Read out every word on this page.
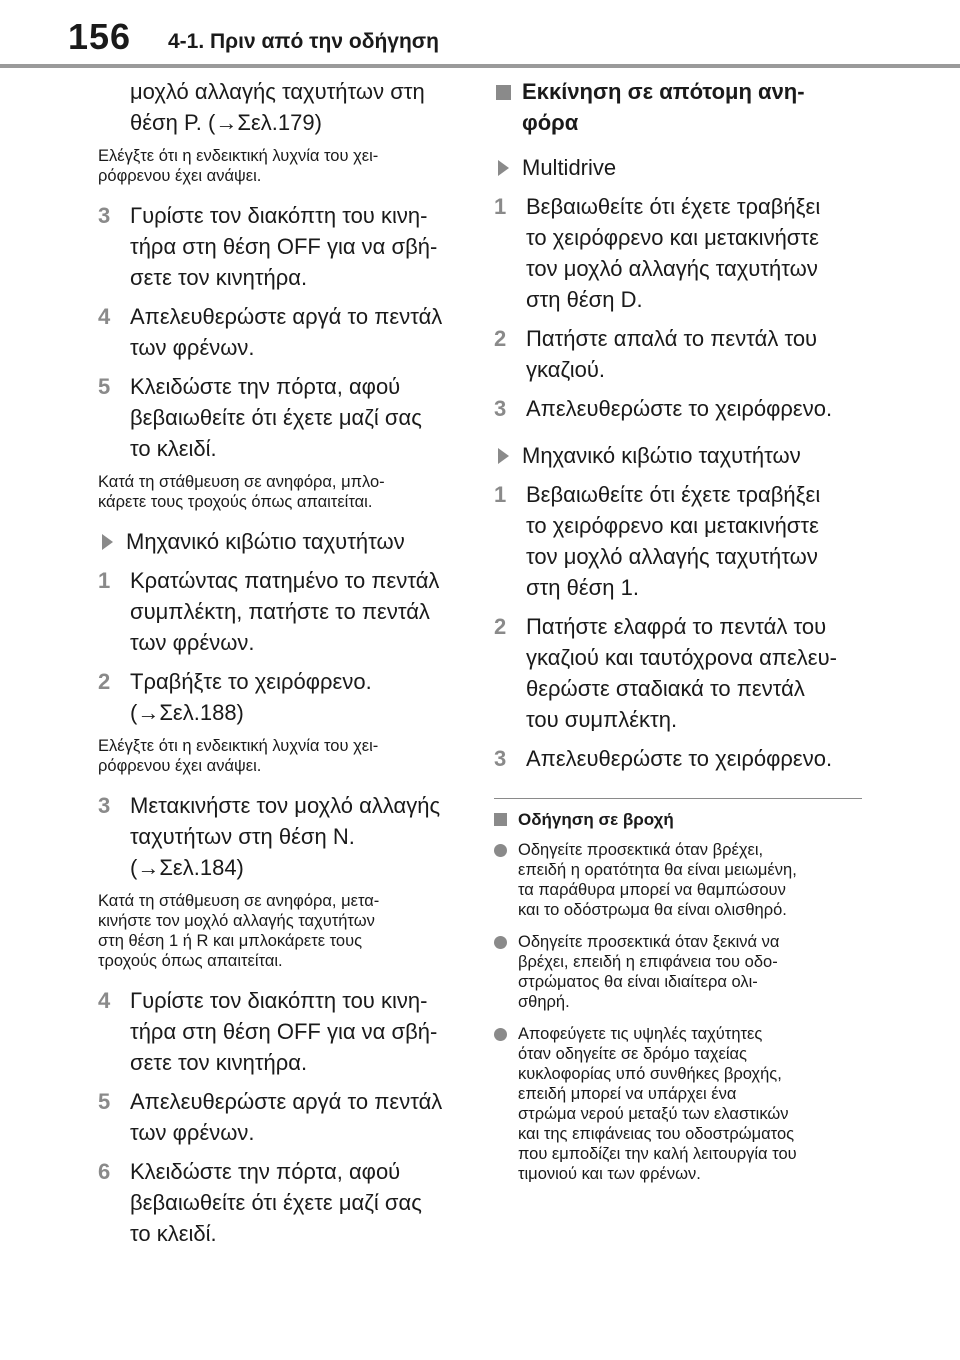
156 4-1. Πριν από την οδήγηση
μοχλό αλλαγής ταχυτήτων στη
θέση P. (→Σελ.179)
Ελέγξτε ότι η ενδεικτική λυχνία του χει-
ρόφρενου έχει ανάψει.
3 Γυρίστε τον διακόπτη του κινη-
τήρα στη θέση OFF για να σβή-
σετε τον κινητήρα.
4 Απελευθερώστε αργά το πεντάλ
των φρένων.
5 Κλειδώστε την πόρτα, αφού
βεβαιωθείτε ότι έχετε μαζί σας
το κλειδί.
Κατά τη στάθμευση σε ανηφόρα, μπλο-
κάρετε τους τροχούς όπως απαιτείται.
Μηχανικό κιβώτιο ταχυτήτων
1 Κρατώντας πατημένο το πεντάλ
συμπλέκτη, πατήστε το πεντάλ
των φρένων.
2 Τραβήξτε το χειρόφρενο.
(→Σελ.188)
Ελέγξτε ότι η ενδεικτική λυχνία του χει-
ρόφρενου έχει ανάψει.
3 Μετακινήστε τον μοχλό αλλαγής
ταχυτήτων στη θέση N.
(→Σελ.184)
Κατά τη στάθμευση σε ανηφόρα, μετα-
κινήστε τον μοχλό αλλαγής ταχυτήτων
στη θέση 1 ή R και μπλοκάρετε τους
τροχούς όπως απαιτείται.
4 Γυρίστε τον διακόπτη του κινη-
τήρα στη θέση OFF για να σβή-
σετε τον κινητήρα.
5 Απελευθερώστε αργά το πεντάλ
των φρένων.
6 Κλειδώστε την πόρτα, αφού
βεβαιωθείτε ότι έχετε μαζί σας
το κλειδί.
Εκκίνηση σε απότομη ανη-
φόρα
Multidrive
1 Βεβαιωθείτε ότι έχετε τραβήξει
το χειρόφρενο και μετακινήστε
τον μοχλό αλλαγής ταχυτήτων
στη θέση D.
2 Πατήστε απαλά το πεντάλ του
γκαζιού.
3 Απελευθερώστε το χειρόφρενο.
Μηχανικό κιβώτιο ταχυτήτων
1 Βεβαιωθείτε ότι έχετε τραβήξει
το χειρόφρενο και μετακινήστε
τον μοχλό αλλαγής ταχυτήτων
στη θέση 1.
2 Πατήστε ελαφρά το πεντάλ του
γκαζιού και ταυτόχρονα απελευ-
θερώστε σταδιακά το πεντάλ
του συμπλέκτη.
3 Απελευθερώστε το χειρόφρενο.
Οδήγηση σε βροχή
Οδηγείτε προσεκτικά όταν βρέχει,
επειδή η ορατότητα θα είναι μειωμένη,
τα παράθυρα μπορεί να θαμπώσουν
και το οδόστρωμα θα είναι ολισθηρό.
Οδηγείτε προσεκτικά όταν ξεκινά να
βρέχει, επειδή η επιφάνεια του οδο-
στρώματος θα είναι ιδιαίτερα ολι-
σθηρή.
Αποφεύγετε τις υψηλές ταχύτητες
όταν οδηγείτε σε δρόμο ταχείας
κυκλοφορίας υπό συνθήκες βροχής,
επειδή μπορεί να υπάρχει ένα
στρώμα νερού μεταξύ των ελαστικών
και της επιφάνειας του οδοστρώματος
που εμποδίζει την καλή λειτουργία του
τιμονιού και των φρένων.
